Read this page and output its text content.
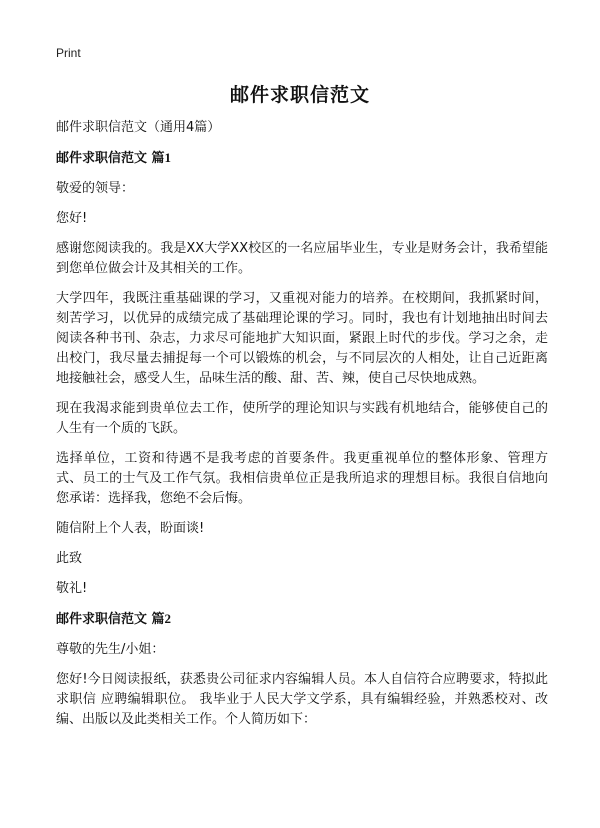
Print
邮件求职信范文

邮件求职信范文（通用4篇）

邮件求职信范文 篇1

敬爱的领导：

您好!

感谢您阅读我的。我是XX大学XX校区的一名应届毕业生，专业是财务会计，我希望能到您单位做会计及其相关的工作。

大学四年，我既注重基础课的学习，又重视对能力的培养。在校期间，我抓紧时间，刻苦学习，以优异的成绩完成了基础理论课的学习。同时，我也有计划地抽出时间去阅读各种书刊、杂志，力求尽可能地扩大知识面，紧跟上时代的步伐。学习之余，走出校门，我尽量去捕捉每一个可以锻炼的机会，与不同层次的人相处，让自己近距离地接触社会，感受人生，品味生活的酸、甜、苦、辣，使自己尽快地成熟。

现在我渴求能到贵单位去工作，使所学的理论知识与实践有机地结合，能够使自己的人生有一个质的飞跃。

选择单位，工资和待遇不是我考虑的首要条件。我更重视单位的整体形象、管理方式、员工的士气及工作气氛。我相信贵单位正是我所追求的理想目标。我很自信地向您承诺：选择我，您绝不会后悔。

随信附上个人表，盼面谈!

此致

敬礼!

邮件求职信范文 篇2

尊敬的先生/小姐：

您好!今日阅读报纸，获悉贵公司征求内容编辑人员。本人自信符合应聘要求，特拟此 求职信 应聘编辑职位。 我毕业于人民大学文学系，具有编辑经验，并熟悉校对、改编、出版以及此类相关工作。个人简历如下：
